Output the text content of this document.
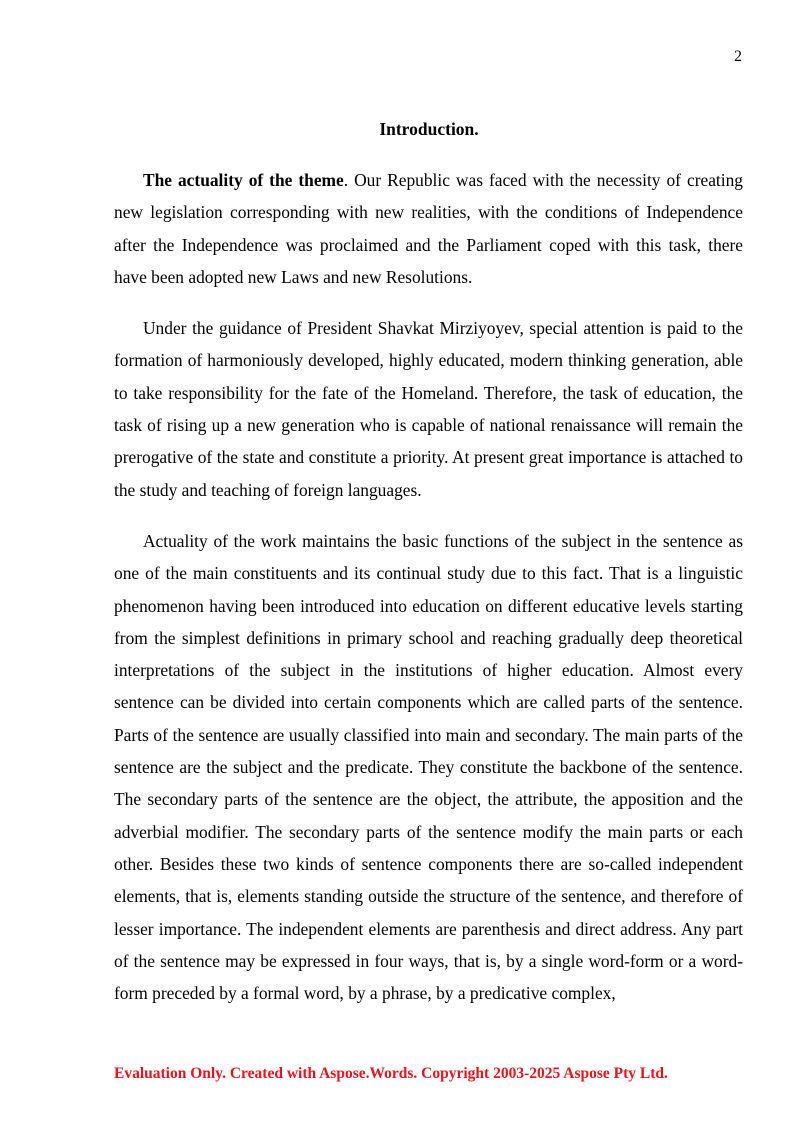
2
Introduction.

The actuality of the theme. Our Republic was faced with the necessity of creating new legislation corresponding with new realities, with the conditions of Independence after the Independence was proclaimed and the Parliament coped with this task, there have been adopted new Laws and new Resolutions.

Under the guidance of President Shavkat Mirziyoyev, special attention is paid to the formation of harmoniously developed, highly educated, modern thinking generation, able to take responsibility for the fate of the Homeland. Therefore, the task of education, the task of rising up a new generation who is capable of national renaissance will remain the prerogative of the state and constitute a priority. At present great importance is attached to the study and teaching of foreign languages.

Actuality of the work maintains the basic functions of the subject in the sentence as one of the main constituents and its continual study due to this fact. That is a linguistic phenomenon having been introduced into education on different educative levels starting from the simplest definitions in primary school and reaching gradually deep theoretical interpretations of the subject in the institutions of higher education. Almost every sentence can be divided into certain components which are called parts of the sentence. Parts of the sentence are usually classified into main and secondary. The main parts of the sentence are the subject and the predicate. They constitute the backbone of the sentence. The secondary parts of the sentence are the object, the attribute, the apposition and the adverbial modifier. The secondary parts of the sentence modify the main parts or each other. Besides these two kinds of sentence components there are so-called independent elements, that is, elements standing outside the structure of the sentence, and therefore of lesser importance. The independent elements are parenthesis and direct address. Any part of the sentence may be expressed in four ways, that is, by a single word-form or a word-form preceded by a formal word, by a phrase, by a predicative complex,

Evaluation Only. Created with Aspose.Words. Copyright 2003-2025 Aspose Pty Ltd.
